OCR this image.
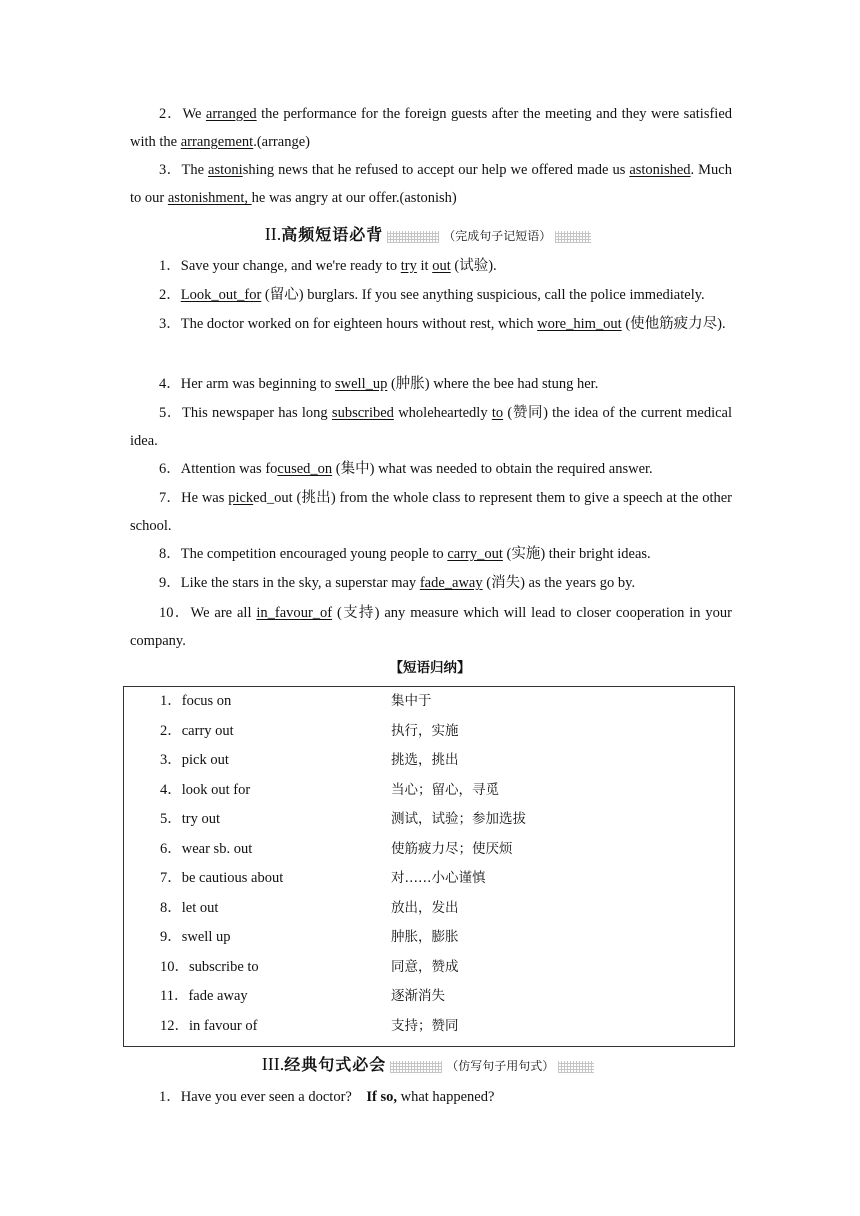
2．We arranged the performance for the foreign guests after the meeting and they were satisfied with the arrangement.(arrange)
3．The astonishing news that he refused to accept our help we offered made us astonished. Much to our astonishment, he was angry at our offer.(astonish)
II.高频短语必背	（完成句子记短语）
1．Save your change, and we're ready to try it out (试验).
2．Look_out_for (留心) burglars. If you see anything suspicious, call the police immediately.
3．The doctor worked on for eighteen hours without rest, which wore_him_out (使他筋疲力尽).
4．Her arm was beginning to swell_up (肿胀) where the bee had stung her.
5．This newspaper has long subscribed wholeheartedly to (赞同) the idea of the current medical idea.
6．Attention was focused_on (集中) what was needed to obtain the required answer.
7．He was picked_out (挑出) from the whole class to represent them to give a speech at the other school.
8．The competition encouraged young people to carry_out (实施) their bright ideas.
9．Like the stars in the sky, a superstar may fade_away (消失) as the years go by.
10．We are all in_favour_of (支持) any measure which will lead to closer cooperation in your company.
【短语归纳】
1．focus on	集中于
2．carry out	执行，实施
3．pick out	挑选，挑出
4．look out for	当心；留心，寻觅
5．try out	测试，试验；参加选拔
6．wear sb. out	使筋疲力尽；使厌烦
7．be cautious about	对……小心谨慎
8．let out	放出，发出
9．swell up	肿胀，膨胀
10．subscribe to	同意，赞成
11．fade away	逐渐消失
12．in favour of	支持；赞同
III.经典句式必会	（仿写句子用句式）
1．Have you ever seen a doctor?　If so, what happened?
